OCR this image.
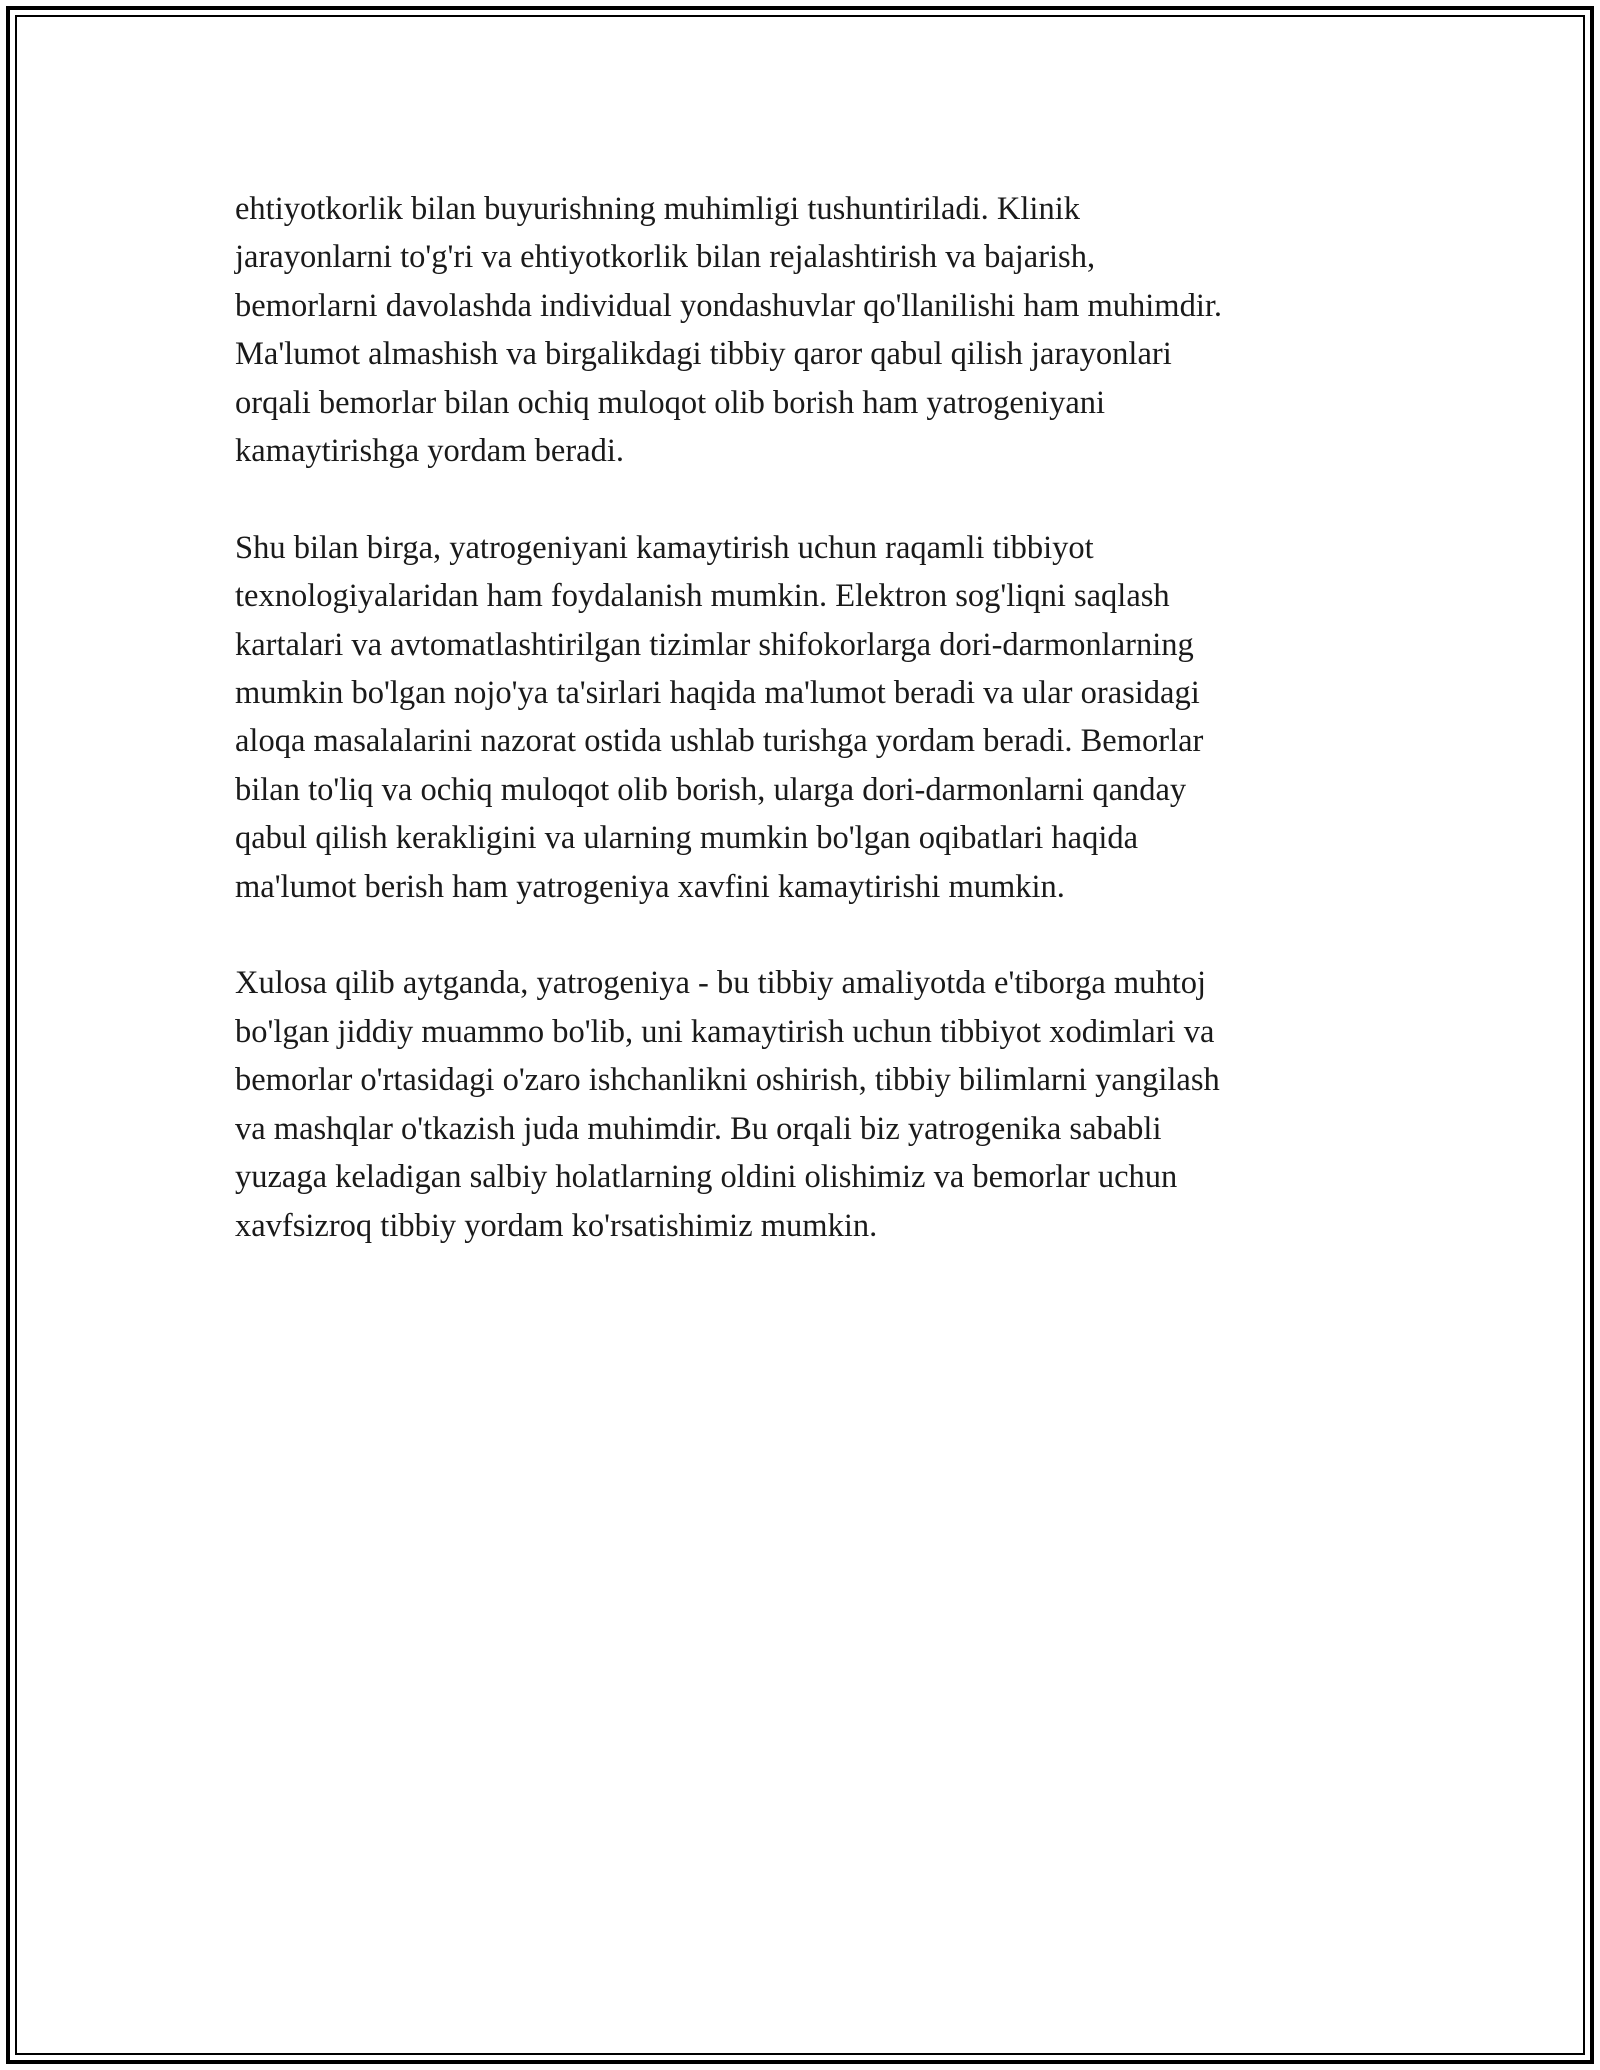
ehtiyotkorlik bilan buyurishning muhimligi tushuntiriladi. Klinik
jarayonlarni to'g'ri va ehtiyotkorlik bilan rejalashtirish va bajarish,
bemorlarni davolashda individual yondashuvlar qo'llanilishi ham muhimdir.
Ma'lumot almashish va birgalikdagi tibbiy qaror qabul qilish jarayonlari
orqali bemorlar bilan ochiq muloqot olib borish ham yatrogeniyani
kamaytirishga yordam beradi.

Shu bilan birga, yatrogeniyani kamaytirish uchun raqamli tibbiyot
texnologiyalaridan ham foydalanish mumkin. Elektron sog'liqni saqlash
kartalari va avtomatlashtirilgan tizimlar shifokorlarga dori-darmonlarning
mumkin bo'lgan nojo'ya ta'sirlari haqida ma'lumot beradi va ular orasidagi
aloqa masalalarini nazorat ostida ushlab turishga yordam beradi. Bemorlar
bilan to'liq va ochiq muloqot olib borish, ularga dori-darmonlarni qanday
qabul qilish kerakligini va ularning mumkin bo'lgan oqibatlari haqida
ma'lumot berish ham yatrogeniya xavfini kamaytirishi mumkin.

Xulosa qilib aytganda, yatrogeniya - bu tibbiy amaliyotda e'tiborga muhtoj
bo'lgan jiddiy muammo bo'lib, uni kamaytirish uchun tibbiyot xodimlari va
bemorlar o'rtasidagi o'zaro ishchanlikni oshirish, tibbiy bilimlarni yangilash
va mashqlar o'tkazish juda muhimdir. Bu orqali biz yatrogenika sababli
yuzaga keladigan salbiy holatlarning oldini olishimiz va bemorlar uchun
xavfsizroq tibbiy yordam ko'rsatishimiz mumkin.
